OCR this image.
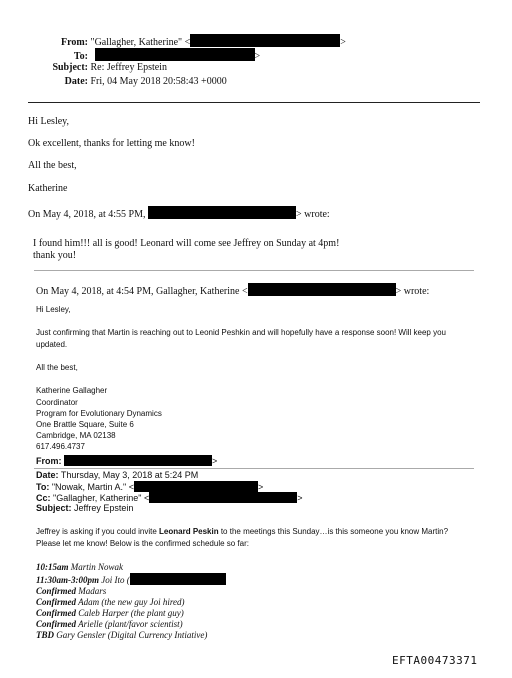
From: "Gallagher, Katherine" <	>
To:	>
Subject: Re: Jeffrey Epstein
Date: Fri, 04 May 2018 20:58:43 +0000
Hi Lesley,
Ok excellent, thanks for letting me know!
All the best,
Katherine
On May 4, 2018, at 4:55 PM,	> wrote:
I found him!!! all is good! Leonard will come see Jeffrey on Sunday at 4pm!
thank you!
On May 4, 2018, at 4:54 PM, Gallagher, Katherine <	> wrote:
Hi Lesley,
Just confirming that Martin is reaching out to Leonid Peshkin and will hopefully have a response soon! Will keep you
updated.
All the best,
Katherine Gallagher
Coordinator
Program for Evolutionary Dynamics
One Brattle Square, Suite 6
Cambridge, MA 02138
617.496.4737
From:	>
Date: Thursday, May 3, 2018 at 5:24 PM
To: "Nowak, Martin A." <	>
Cc: "Gallagher, Katherine" <	>
Subject: Jeffrey Epstein
Jeffrey is asking if you could invite Leonard Peskin to the meetings this Sunday…is this someone you know Martin?
Please let me know! Below is the confirmed schedule so far:
10:15am Martin Nowak
11:30am-3:00pm Joi Ito (
Confirmed Madars
Confirmed Adam (the new guy Joi hired)
Confirmed Caleb Harper (the plant guy)
Confirmed Arielle (plant/favor scientist)
TBD Gary Gensler (Digital Currency Intiative)
EFTA00473371
